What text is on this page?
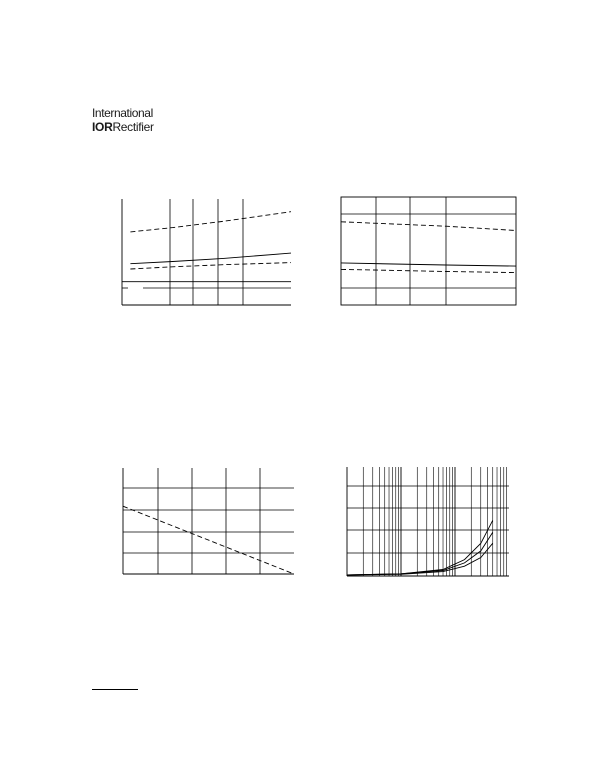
International
IORRectifier
